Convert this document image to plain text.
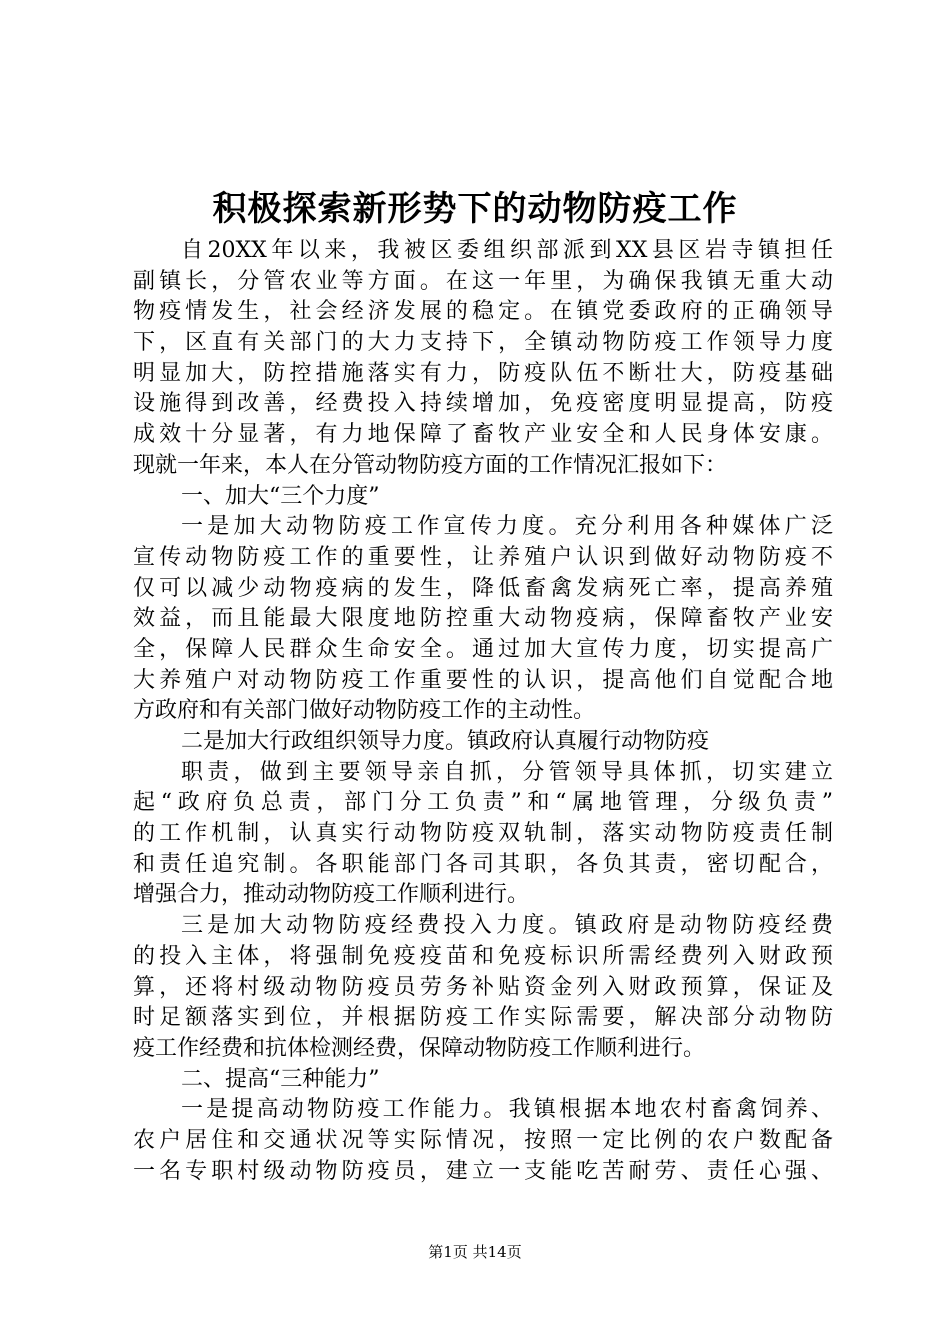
积极探索新形势下的动物防疫工作
自20XX年以来，我被区委组织部派到XX县区岩寺镇担任
副镇长，分管农业等方面。在这一年里，为确保我镇无重大动
物疫情发生，社会经济发展的稳定。在镇党委政府的正确领导
下，区直有关部门的大力支持下，全镇动物防疫工作领导力度
明显加大，防控措施落实有力，防疫队伍不断壮大，防疫基础
设施得到改善，经费投入持续增加，免疫密度明显提高，防疫
成效十分显著，有力地保障了畜牧产业安全和人民身体安康。
现就一年来，本人在分管动物防疫方面的工作情况汇报如下：
一、加大“三个力度”
一是加大动物防疫工作宣传力度。充分利用各种媒体广泛
宣传动物防疫工作的重要性，让养殖户认识到做好动物防疫不
仅可以减少动物疫病的发生，降低畜禽发病死亡率，提高养殖
效益，而且能最大限度地防控重大动物疫病，保障畜牧产业安
全，保障人民群众生命安全。通过加大宣传力度，切实提高广
大养殖户对动物防疫工作重要性的认识，提高他们自觉配合地
方政府和有关部门做好动物防疫工作的主动性。
二是加大行政组织领导力度。镇政府认真履行动物防疫
职责，做到主要领导亲自抓，分管领导具体抓，切实建立
起“政府负总责，部门分工负责”和“属地管理，分级负责”
的工作机制，认真实行动物防疫双轨制，落实动物防疫责任制
和责任追究制。各职能部门各司其职，各负其责，密切配合，
增强合力，推动动物防疫工作顺利进行。
三是加大动物防疫经费投入力度。镇政府是动物防疫经费
的投入主体，将强制免疫疫苗和免疫标识所需经费列入财政预
算，还将村级动物防疫员劳务补贴资金列入财政预算，保证及
时足额落实到位，并根据防疫工作实际需要，解决部分动物防
疫工作经费和抗体检测经费，保障动物防疫工作顺利进行。
二、提高“三种能力”
一是提高动物防疫工作能力。我镇根据本地农村畜禽饲养、
农户居住和交通状况等实际情况，按照一定比例的农户数配备
一名专职村级动物防疫员，建立一支能吃苦耐劳、责任心强、
第1页 共14页
